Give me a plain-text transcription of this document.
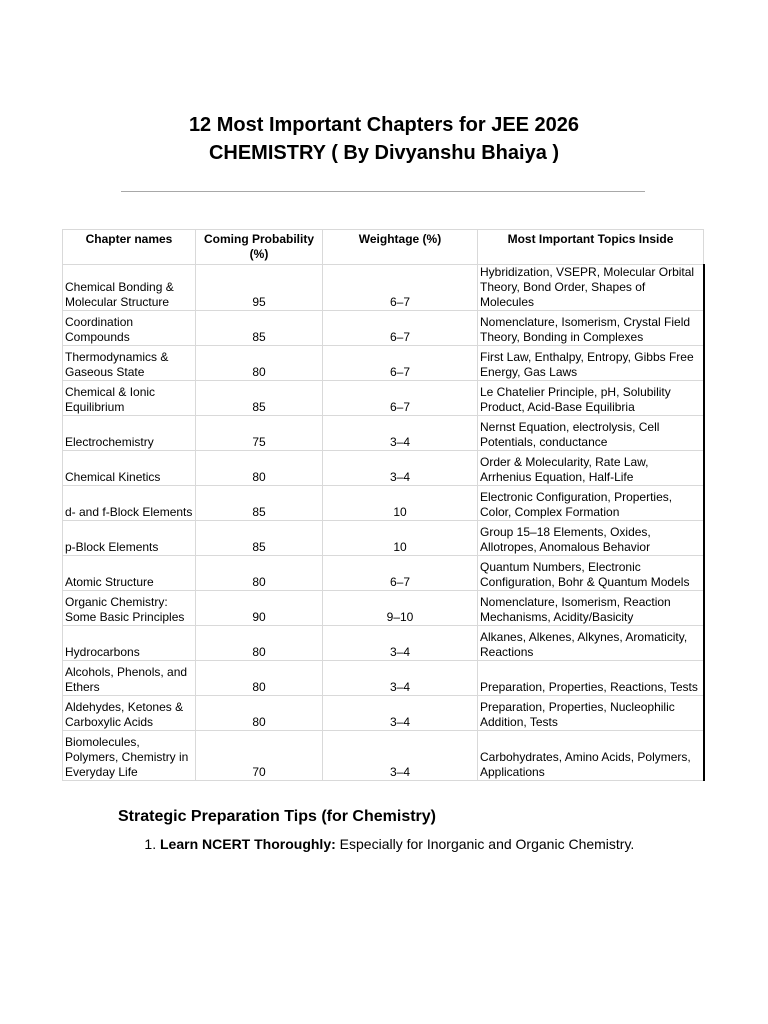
12 Most Important Chapters for JEE 2026
CHEMISTRY ( By Divyanshu Bhaiya )
Chapter names	Coming Probability (%)	Weightage (%)	Most Important Topics Inside
Chemical Bonding & Molecular Structure	95	6–7	Hybridization, VSEPR, Molecular Orbital Theory, Bond Order, Shapes of Molecules
Coordination Compounds	85	6–7	Nomenclature, Isomerism, Crystal Field Theory, Bonding in Complexes
Thermodynamics & Gaseous State	80	6–7	First Law, Enthalpy, Entropy, Gibbs Free Energy, Gas Laws
Chemical & Ionic Equilibrium	85	6–7	Le Chatelier Principle, pH, Solubility Product, Acid-Base Equilibria
Electrochemistry	75	3–4	Nernst Equation, electrolysis, Cell Potentials, conductance
Chemical Kinetics	80	3–4	Order & Molecularity, Rate Law, Arrhenius Equation, Half-Life
d- and f-Block Elements	85	10	Electronic Configuration, Properties, Color, Complex Formation
p-Block Elements	85	10	Group 15–18 Elements, Oxides, Allotropes, Anomalous Behavior
Atomic Structure	80	6–7	Quantum Numbers, Electronic Configuration, Bohr & Quantum Models
Organic Chemistry: Some Basic Principles	90	9–10	Nomenclature, Isomerism, Reaction Mechanisms, Acidity/Basicity
Hydrocarbons	80	3–4	Alkanes, Alkenes, Alkynes, Aromaticity, Reactions
Alcohols, Phenols, and Ethers	80	3–4	Preparation, Properties, Reactions, Tests
Aldehydes, Ketones & Carboxylic Acids	80	3–4	Preparation, Properties, Nucleophilic Addition, Tests
Biomolecules, Polymers, Chemistry in Everyday Life	70	3–4	Carbohydrates, Amino Acids, Polymers, Applications
Strategic Preparation Tips (for Chemistry)
1. Learn NCERT Thoroughly: Especially for Inorganic and Organic Chemistry.
